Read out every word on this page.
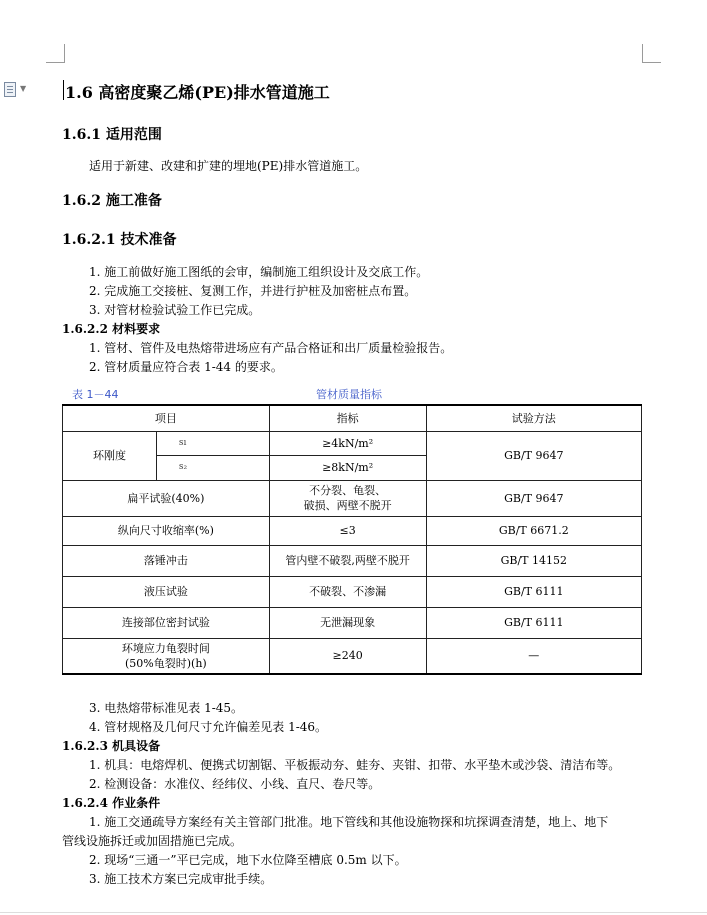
▼ 1.6 高密度聚乙烯(PE)排水管道施工
1.6.1 适用范围
适用于新建、改建和扩建的埋地(PE)排水管道施工。
1.6.2 施工准备
1.6.2.1 技术准备
1. 施工前做好施工图纸的会审，编制施工组织设计及交底工作。
2. 完成施工交接桩、复测工作，并进行护桩及加密桩点布置。
3. 对管材检验试验工作已完成。
1.6.2.2 材料要求
1. 管材、管件及电热熔带进场应有产品合格证和出厂质量检验报告。
2. 管材质量应符合表 1-44 的要求。
表 1－44	管材质量指标
项目		指标	试验方法
环刚度	sı	≥4kN/m²	GB/T 9647
	s₂	≥8kN/m²	
扁平试验(40%)		不分裂、龟裂、
破损、两壁不脱开	GB/T 9647
纵向尺寸收缩率(%)		≤3	GB/T 6671.2
落锤冲击		管内壁不破裂,两壁不脱开	GB/T 14152
液压试验		不破裂、不渗漏	GB/T 6111
连接部位密封试验		无泄漏现象	GB/T 6111

环境应力龟裂时间
(50%龟裂时)(h)		≥240	—
3. 电热熔带标准见表 1-45。
4. 管材规格及几何尺寸允许偏差见表 1-46。
1.6.2.3 机具设备
1. 机具：电熔焊机、便携式切割锯、平板振动夯、蛙夯、夹钳、扣带、水平垫木或沙袋、清洁布等。
2. 检测设备：水准仪、经纬仪、小线、直尺、卷尺等。
1.6.2.4 作业条件
1. 施工交通疏导方案经有关主管部门批准。地下管线和其他设施物探和坑探调查清楚，地上、地下
管线设施拆迁或加固措施已完成。
2. 现场“三通一”平已完成，地下水位降至槽底 0.5m 以下。
3. 施工技术方案已完成审批手续。
